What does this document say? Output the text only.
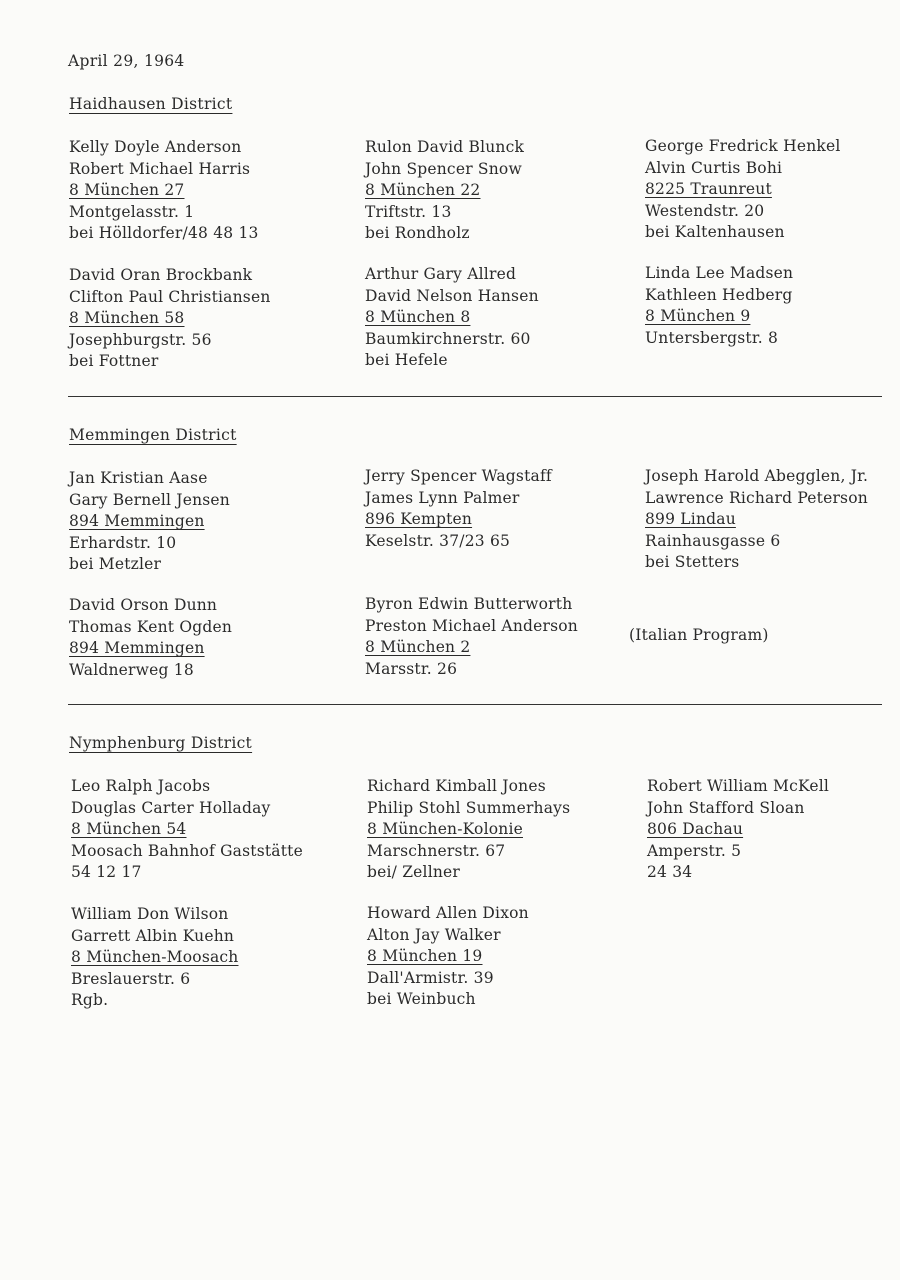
April 29, 1964
Haidhausen District
Kelly Doyle Anderson
Robert Michael Harris
8 München 27
Montgelasstr. 1
bei Hölldorfer/48 48 13
Rulon David Blunck
John Spencer Snow
8 München 22
Triftstr. 13
bei Rondholz
George Fredrick Henkel
Alvin Curtis Bohi
8225 Traunreut
Westendstr. 20
bei Kaltenhausen
David Oran Brockbank
Clifton Paul Christiansen
8 München 58
Josephburgstr. 56
bei Fottner
Arthur Gary Allred
David Nelson Hansen
8 München 8
Baumkirchnerstr. 60
bei Hefele
Linda Lee Madsen
Kathleen Hedberg
8 München 9
Untersbergstr. 8
Memmingen District
Jan Kristian Aase
Gary Bernell Jensen
894 Memmingen
Erhardstr. 10
bei Metzler
Jerry Spencer Wagstaff
James Lynn Palmer
896 Kempten
Keselstr. 37/23 65
Joseph Harold Abegglen, Jr.
Lawrence Richard Peterson
899 Lindau
Rainhausgasse 6
bei Stetters
David Orson Dunn
Thomas Kent Ogden
894 Memmingen
Waldnerweg 18
Byron Edwin Butterworth
Preston Michael Anderson
8 München 2
Marsstr. 26
(Italian Program)
Nymphenburg District
Leo Ralph Jacobs
Douglas Carter Holladay
8 München 54
Moosach Bahnhof Gaststätte
54 12 17
Richard Kimball Jones
Philip Stohl Summerhays
8 München-Kolonie
Marschnerstr. 67
bei/ Zellner
Robert William McKell
John Stafford Sloan
806 Dachau
Amperstr. 5
24 34
William Don Wilson
Garrett Albin Kuehn
8 München-Moosach
Breslauerstr. 6
Rgb.
Howard Allen Dixon
Alton Jay Walker
8 München 19
Dall'Armistr. 39
bei Weinbuch
